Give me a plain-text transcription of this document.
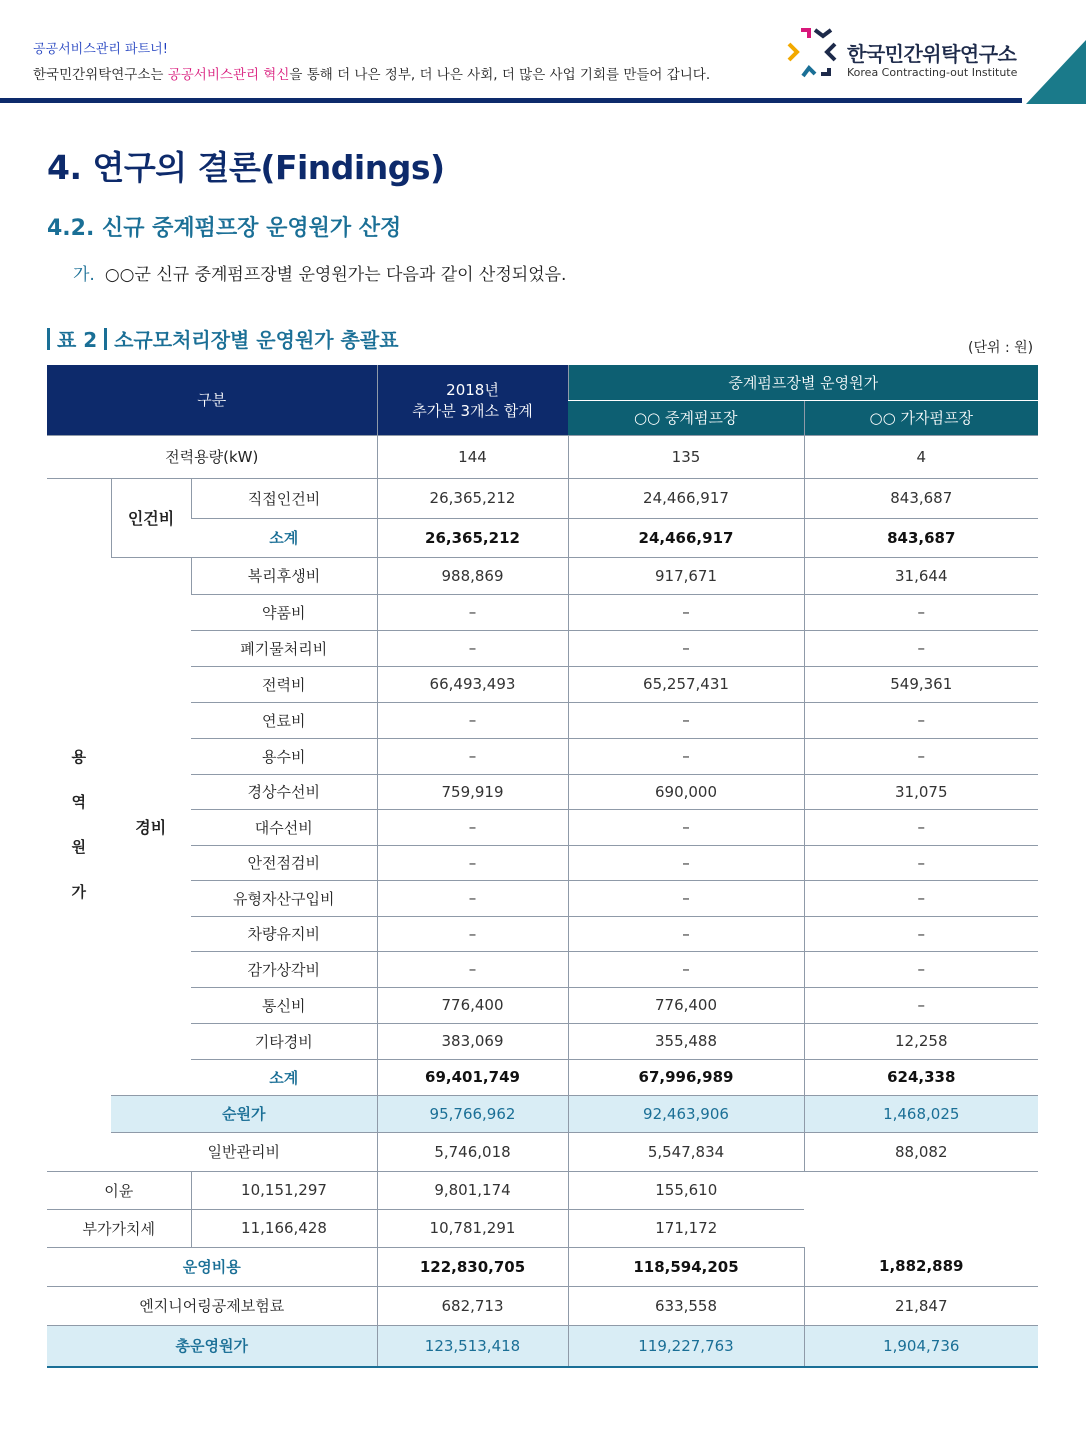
공공서비스관리 파트너!
한국민간위탁연구소는 공공서비스관리 혁신을 통해 더 나은 정부, 더 나은 사회, 더 많은 사업 기회를 만들어 갑니다.
한국민간위탁연구소
Korea Contracting-out Institute
4. 연구의 결론(Findings)
4.2. 신규 중계펌프장 운영원가 산정
가. ○○군 신규 중계펌프장별 운영원가는 다음과 같이 산정되었음.
표 2 소규모처리장별 운영원가 총괄표	(단위 : 원)
구분			2018년
추가분 3개소 합계	중계펌프장별 운영원가	
				○○ 중계펌프장	○○ 가자펌프장
전력용량(kW)			144	135	4
용
역
원
가	인건비	직접인건비	26,365,212	24,466,917	843,687
		소계	26,365,212	24,466,917	843,687
	경비	복리후생비	988,869	917,671	31,644
		약품비	–	–	–
		폐기물처리비	–	–	–
		전력비	66,493,493	65,257,431	549,361
		연료비	–	–	–
		용수비	–	–	–
		경상수선비	759,919	690,000	31,075
		대수선비	–	–	–
		안전점검비	–	–	–
		유형자산구입비	–	–	–
		차량유지비	–	–	–
		감가상각비	–	–	–
		통신비	776,400	776,400	–
		기타경비	383,069	355,488	12,258
		소계	69,401,749	67,996,989	624,338
	순원가		95,766,962	92,463,906	1,468,025
	일반관리비		5,746,018	5,547,834	88,082
이윤		10,151,297	9,801,174	155,610	
부가가치세		11,166,428	10,781,291	171,172	
운영비용			122,830,705	118,594,205	1,882,889
엔지니어링공제보험료			682,713	633,558	21,847
총운영원가			123,513,418	119,227,763	1,904,736
